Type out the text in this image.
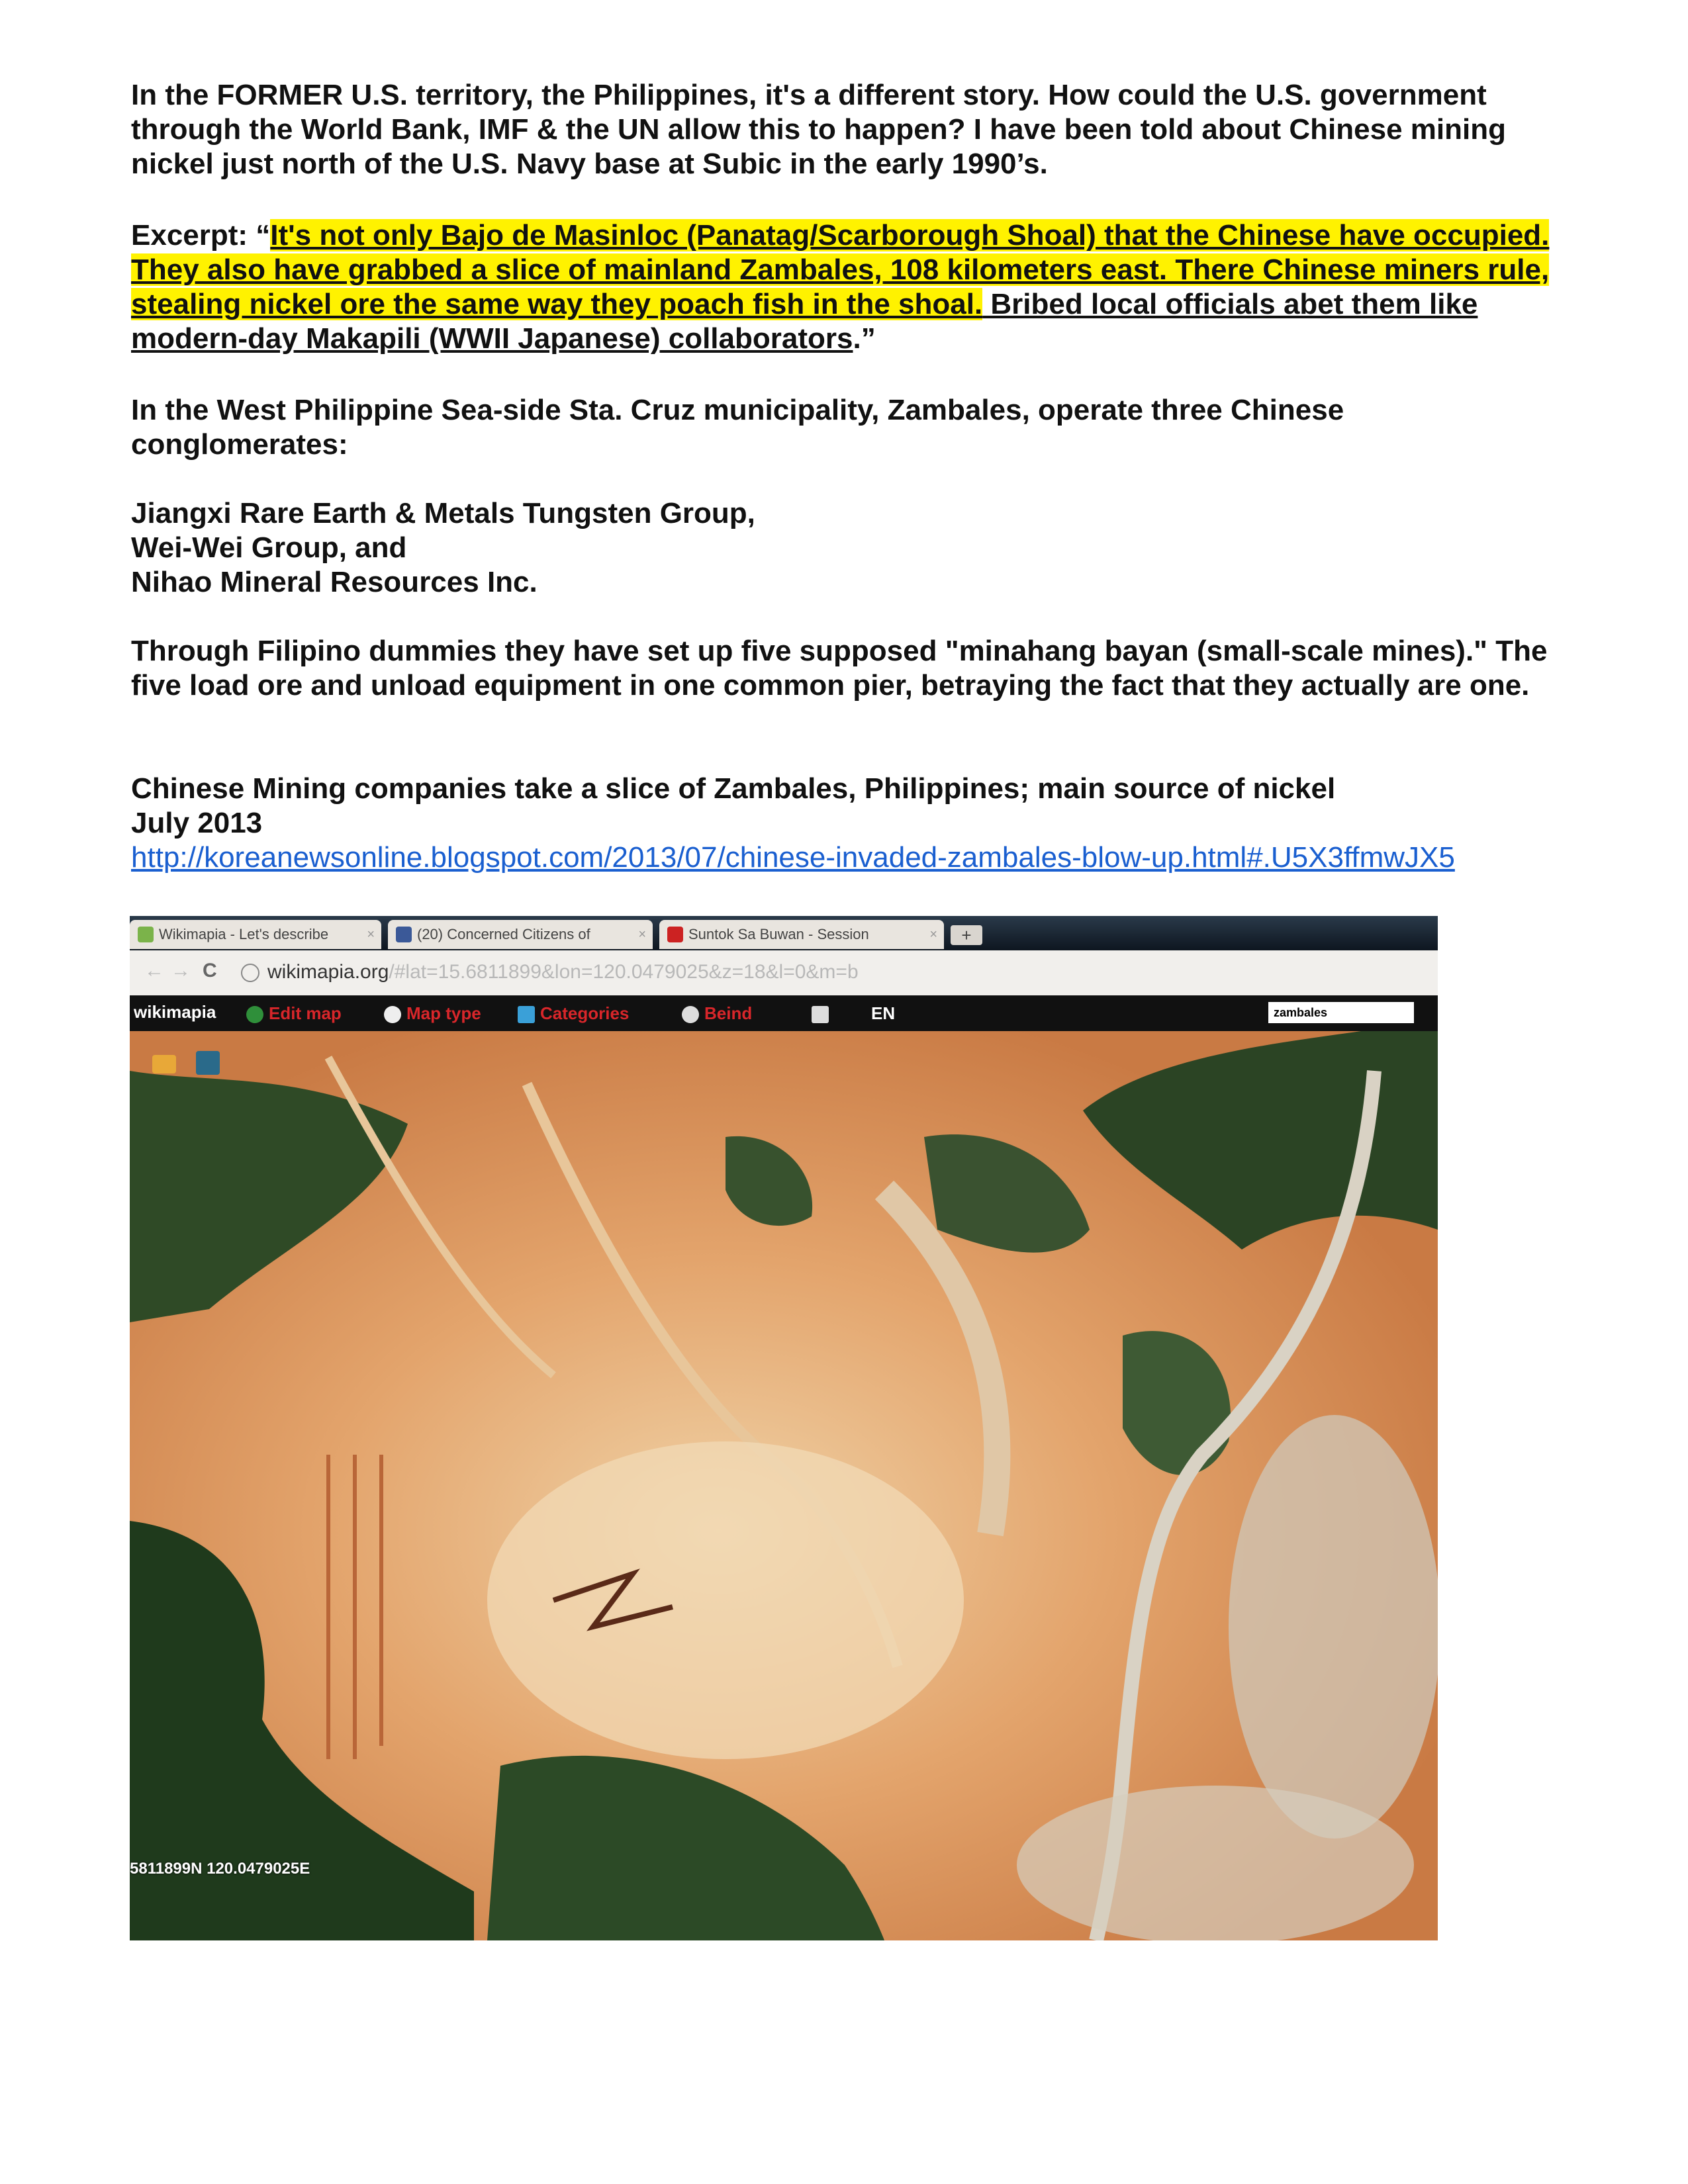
In the FORMER U.S. territory, the Philippines, it's a different story. How could the U.S. government through the World Bank, IMF & the UN allow this to happen? I have been told about Chinese mining nickel just north of the U.S. Navy base at Subic in the early 1990’s.

Excerpt: “It's not only Bajo de Masinloc (Panatag/Scarborough Shoal) that the Chinese have occupied. They also have grabbed a slice of mainland Zambales, 108 kilometers east. There Chinese miners rule, stealing nickel ore the same way they poach fish in the shoal. Bribed local officials abet them like modern-day Makapili (WWII Japanese) collaborators.”

In the West Philippine Sea-side Sta. Cruz municipality, Zambales, operate three Chinese conglomerates:

Jiangxi Rare Earth & Metals Tungsten Group,
Wei-Wei Group, and
Nihao Mineral Resources Inc.

Through Filipino dummies they have set up five supposed "minahang bayan (small-scale mines)." The five load ore and unload equipment in one common pier, betraying the fact that they actually are one.

Chinese Mining companies take a slice of Zambales, Philippines; main source of nickel
July 2013
http://koreanewsonline.blogspot.com/2013/07/chinese-invaded-zambales-blow-up.html#.U5X3ffmwJX5
Wikimapia - Let's describe	×	(20) Concerned Citizens of	×	Suntok Sa Buwan - Session	×	+
← → C	wikimapia.org/#lat=15.6811899&lon=120.0479025&z=18&l=0&m=b
wikimapia	Edit map	Map type	Categories	Beind	EN	zambales
5811899N 120.0479025E
